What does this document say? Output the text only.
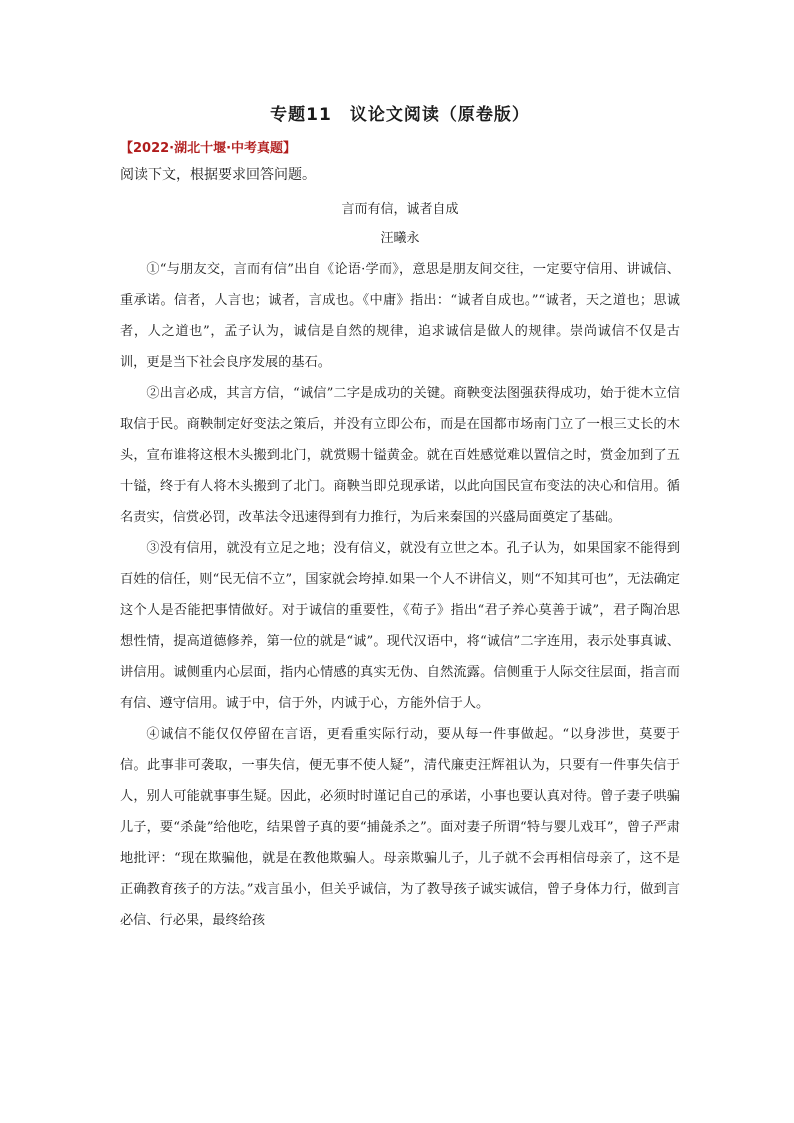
专题11　议论文阅读（原卷版）
【2022·湖北十堰·中考真题】
阅读下文，根据要求回答问题。
言而有信，诚者自成
汪曦永

①“与朋友交，言而有信”出自《论语·学而》，意思是朋友间交往，一定要守信用、讲诚信、重承诺。信者，人言也；诚者，言成也。《中庸》指出：“诚者自成也。”“诚者，天之道也；思诚者，人之道也”，孟子认为，诚信是自然的规律，追求诚信是做人的规律。崇尚诚信不仅是古训，更是当下社会良序发展的基石。

②出言必成，其言方信，“诚信”二字是成功的关键。商鞅变法图强获得成功，始于徙木立信取信于民。商鞅制定好变法之策后，并没有立即公布，而是在国都市场南门立了一根三丈长的木头，宣布谁将这根木头搬到北门，就赏赐十镒黄金。就在百姓感觉难以置信之时，赏金加到了五十镒，终于有人将木头搬到了北门。商鞅当即兑现承诺，以此向国民宣布变法的决心和信用。循名责实，信赏必罚，改革法令迅速得到有力推行，为后来秦国的兴盛局面奠定了基础。

③没有信用，就没有立足之地；没有信义，就没有立世之本。孔子认为，如果国家不能得到百姓的信任，则“民无信不立”，国家就会垮掉.如果一个人不讲信义，则“不知其可也”，无法确定这个人是否能把事情做好。对于诚信的重要性，《荀子》指出“君子养心莫善于诚”，君子陶冶思想性情，提高道德修养，第一位的就是“诚”。现代汉语中，将“诚信”二字连用，表示处事真诚、讲信用。诚侧重内心层面，指内心情感的真实无伪、自然流露。信侧重于人际交往层面，指言而有信、遵守信用。诚于中，信于外，内诚于心，方能外信于人。

④诚信不能仅仅停留在言语，更看重实际行动，要从每一件事做起。“以身涉世，莫要于信。此事非可袭取，一事失信，便无事不使人疑”，清代廉吏汪辉祖认为，只要有一件事失信于人，别人可能就事事生疑。因此，必须时时谨记自己的承诺，小事也要认真对待。曾子妻子哄骗儿子，要“杀彘”给他吃，结果曾子真的要“捕彘杀之”。面对妻子所谓“特与婴儿戏耳”，曾子严肃地批评：“现在欺骗他，就是在教他欺骗人。母亲欺骗儿子，儿子就不会再相信母亲了，这不是正确教育孩子的方法。”戏言虽小，但关乎诚信，为了教导孩子诚实诚信，曾子身体力行，做到言必信、行必果，最终给孩
